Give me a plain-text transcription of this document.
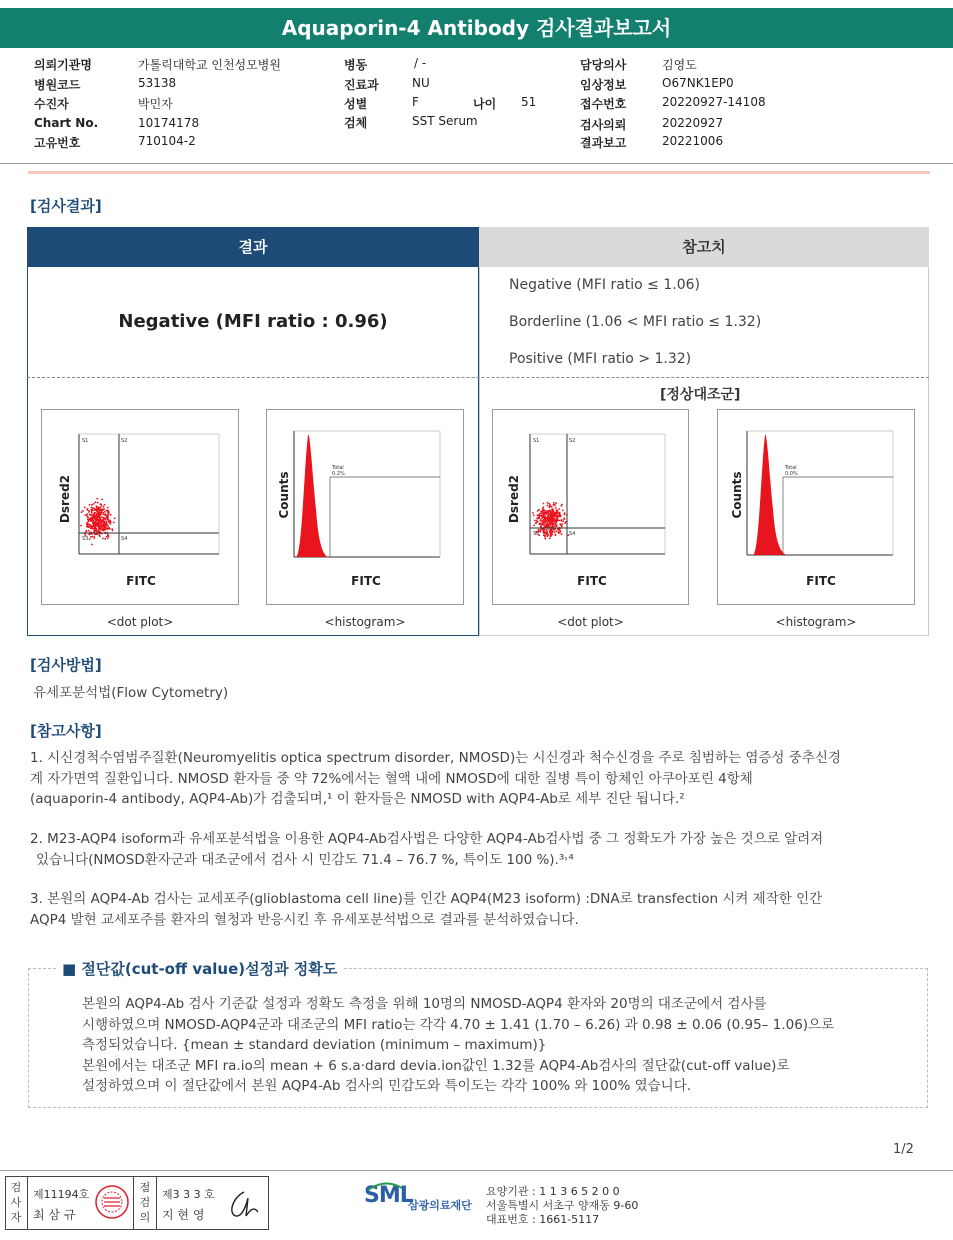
Aquaporin-4 Antibody 검사결과보고서
의뢰기관명	가톨릭대학교 인천성모병원
병원코드	53138
수진자	박민자
Chart No.	10174178
고유번호	710104-2
병동	/ -
진료과	NU
성별	F	나이 51
검체	SST Serum
담당의사	김영도
임상정보	O67NK1EP0
접수번호	20220927-14108
검사의뢰	20220927
결과보고	20221006
[검사결과]
결과
Negative (MFI ratio : 0.96)
참고치
Negative (MFI ratio ≤ 1.06)
Borderline (1.06 < MFI ratio ≤ 1.32)
Positive (MFI ratio > 1.32)
[정상대조군]
S1	S2
S3	S4
Dsred2
FITC
Total
0.2%
Counts
FITC
S1	S2
S3	S4
Dsred2
FITC
Total
0.0%
Counts
FITC
<dot plot>	<histogram>	<dot plot>	<histogram>
[검사방법]
유세포분석법(Flow Cytometry)
[참고사항]
1. 시신경척수염범주질환(Neuromyelitis optica spectrum disorder, NMOSD)는 시신경과 척수신경을 주로 침범하는 염증성 중추신경
계 자가면역 질환입니다. NMOSD 환자들 중 약 72%에서는 혈액 내에 NMOSD에 대한 질병 특이 항체인 아쿠아포린 4항체
(aquaporin-4 antibody, AQP4-Ab)가 검출되며,¹ 이 환자들은 NMOSD with AQP4-Ab로 세부 진단 됩니다.²
2. M23-AQP4 isoform과 유세포분석법을 이용한 AQP4-Ab검사법은 다양한 AQP4-Ab검사법 중 그 정확도가 가장 높은 것으로 알려져
있습니다(NMOSD환자군과 대조군에서 검사 시 민감도 71.4 – 76.7 %, 특이도 100 %).³˒⁴
3. 본원의 AQP4-Ab 검사는 교세포주(glioblastoma cell line)를 인간 AQP4(M23 isoform) :DNA로 transfection 시켜 제작한 인간
AQP4 발현 교세포주를 환자의 혈청과 반응시킨 후 유세포분석법으로 결과를 분석하였습니다.
■ 절단값(cut-off value)설정과 정확도
본원의 AQP4-Ab 검사 기준값 설정과 정확도 측정을 위해 10명의 NMOSD-AQP4 환자와 20명의 대조군에서 검사를
시행하였으며 NMOSD-AQP4군과 대조군의 MFI ratio는 각각 4.70 ± 1.41 (1.70 – 6.26) 과 0.98 ± 0.06 (0.95– 1.06)으로
측정되었습니다. {mean ± standard deviation (minimum – maximum)}
본원에서는 대조군 MFI ra.io의 mean + 6 s.a·dard devia.ion값인 1.32를 AQP4-Ab검사의 절단값(cut-off value)로
설정하였으며 이 절단값에서 본원 AQP4-Ab 검사의 민감도와 특이도는 각각 100% 와 100% 였습니다.
1/2
검사자
제11194호
최 삼 규
점검의
제3 3 3 호
지 현 영
SML
삼광의료재단
요양기관 : 1 1 3 6 5 2 0 0
서울특별시 서초구 양재동 9-60
대표번호 : 1661-5117
